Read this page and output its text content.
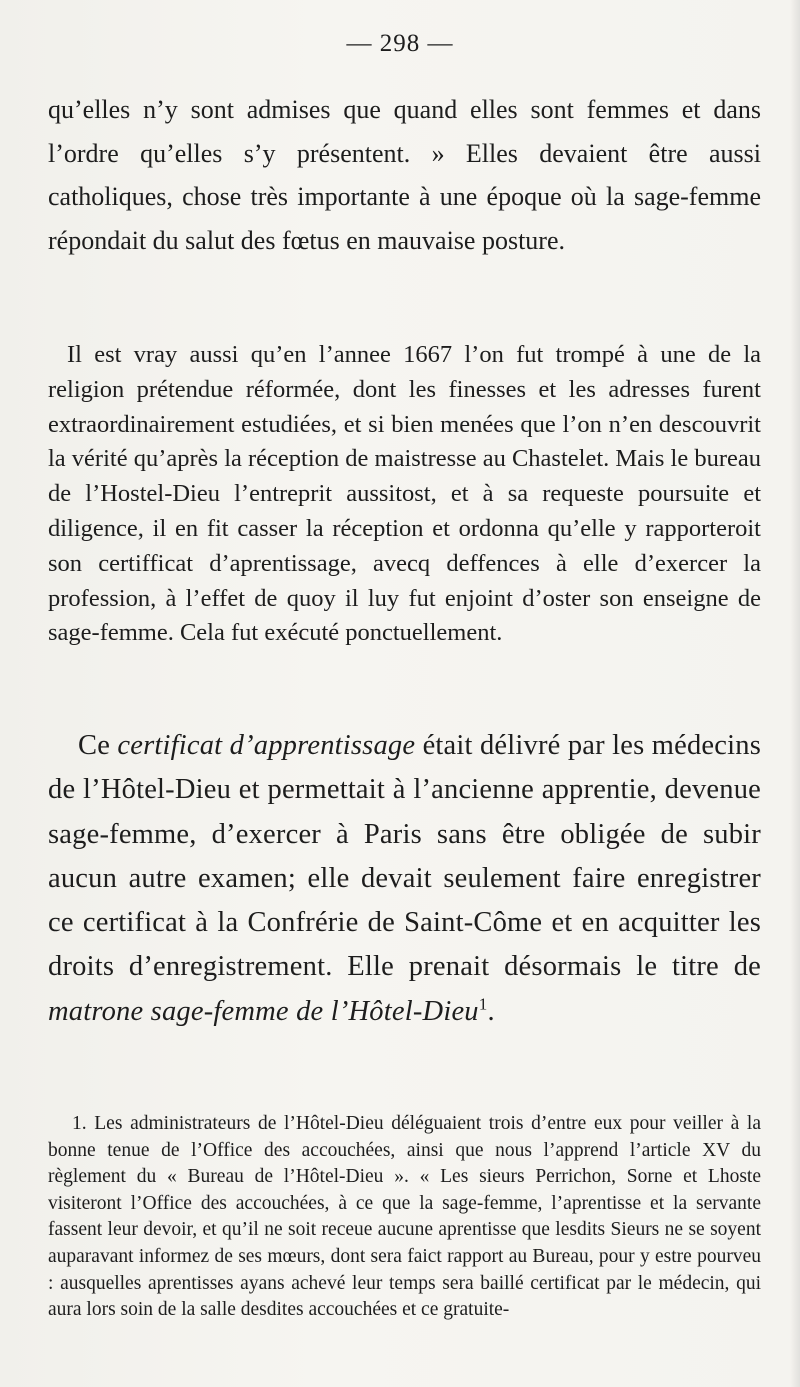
— 298 —

qu’elles n’y sont admises que quand elles sont femmes et dans l’ordre qu’elles s’y présentent. » Elles devaient être aussi catholiques, chose très importante à une époque où la sage-femme répondait du salut des fœtus en mauvaise posture.

Il est vray aussi qu’en l’annee 1667 l’on fut trompé à une de la religion prétendue réformée, dont les finesses et les adresses furent extraordinairement estudiées, et si bien menées que l’on n’en descouvrit la vérité qu’après la réception de maistresse au Chastelet. Mais le bureau de l’Hostel-Dieu l’entreprit aussitost, et à sa requeste poursuite et diligence, il en fit casser la réception et ordonna qu’elle y rapporteroit son certifficat d’aprentissage, avecq deffences à elle d’exercer la profession, à l’effet de quoy il luy fut enjoint d’oster son enseigne de sage-femme. Cela fut exécuté ponctuellement.

Ce certificat d’apprentissage était délivré par les médecins de l’Hôtel-Dieu et permettait à l’ancienne apprentie, devenue sage-femme, d’exercer à Paris sans être obligée de subir aucun autre examen; elle devait seulement faire enregistrer ce certificat à la Confrérie de Saint-Côme et en acquitter les droits d’enregistrement. Elle prenait désormais le titre de matrone sage-femme de l’Hôtel-Dieu$^1$.

1. Les administrateurs de l’Hôtel-Dieu déléguaient trois d’entre eux pour veiller à la bonne tenue de l’Office des accouchées, ainsi que nous l’apprend l’article XV du règlement du « Bureau de l’Hôtel-Dieu ». « Les sieurs Perrichon, Sorne et Lhoste visiteront l’Office des accouchées, à ce que la sage-femme, l’aprentisse et la servante fassent leur devoir, et qu’il ne soit receue aucune aprentisse que lesdits Sieurs ne se soyent auparavant informez de ses mœurs, dont sera faict rapport au Bureau, pour y estre pourveu : ausquelles aprentisses ayans achevé leur temps sera baillé certificat par le médecin, qui aura lors soin de la salle desdites accouchées et ce gratuite-
